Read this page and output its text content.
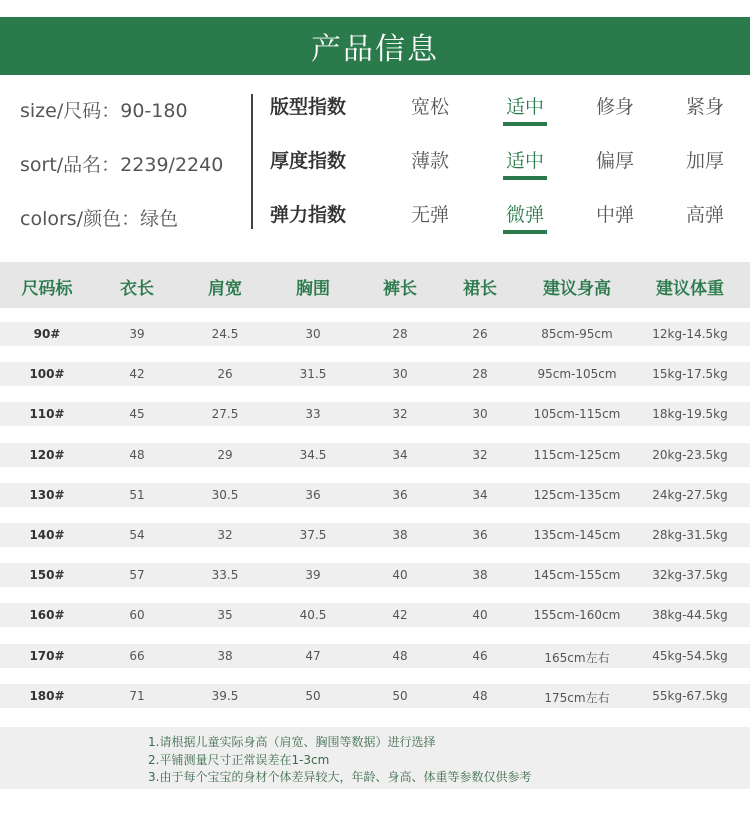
产品信息
size/尺码：90-180
sort/品名：2239/2240
colors/颜色：绿色
版型指数	宽松	适中	修身	紧身
厚度指数	薄款	适中	偏厚	加厚
弹力指数	无弹	微弹	中弹	高弹
尺码标	衣长	肩宽	胸围	裤长	裙长	建议身高	建议体重
90#	39	24.5	30	28	26	85cm-95cm	12kg-14.5kg
100#	42	26	31.5	30	28	95cm-105cm	15kg-17.5kg
110#	45	27.5	33	32	30	105cm-115cm	18kg-19.5kg
120#	48	29	34.5	34	32	115cm-125cm	20kg-23.5kg
130#	51	30.5	36	36	34	125cm-135cm	24kg-27.5kg
140#	54	32	37.5	38	36	135cm-145cm	28kg-31.5kg
150#	57	33.5	39	40	38	145cm-155cm	32kg-37.5kg
160#	60	35	40.5	42	40	155cm-160cm	38kg-44.5kg
170#	66	38	47	48	46	165cm左右	45kg-54.5kg
180#	71	39.5	50	50	48	175cm左右	55kg-67.5kg
1.请根据儿童实际身高（肩宽、胸围等数据）进行选择
2.平铺测量尺寸正常误差在1-3cm
3.由于每个宝宝的身材个体差异较大，年龄、身高、体重等参数仅供参考
